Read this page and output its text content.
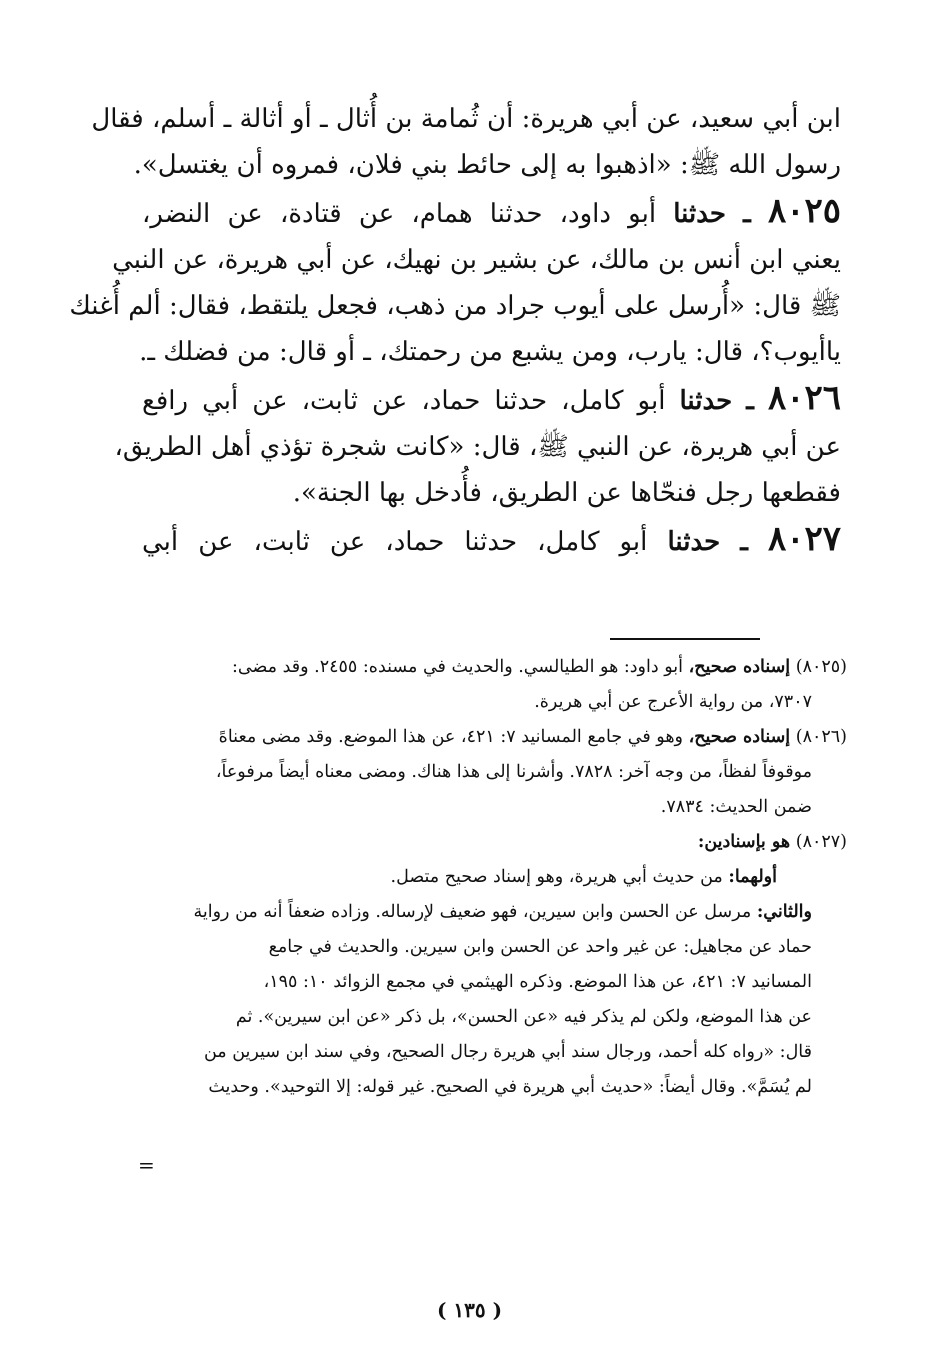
ابن أبي سعيد، عن أبي هريرة: أن ثُمامة بن أُثال ـ أو أثالة ـ أسلم، فقال
رسول الله ﷺ: «اذهبوا به إلى حائط بني فلان، فمروه أن يغتسل».
٨٠٢٥ ـ حدثنا أبو داود، حدثنا همام، عن قتادة، عن النضر،
يعني ابن أنس بن مالك، عن بشير بن نهيك، عن أبي هريرة، عن النبي
ﷺ قال: «أُرسل على أيوب جراد من ذهب، فجعل يلتقط، فقال: ألم أُغنك
ياأيوب؟، قال: يارب، ومن يشبع من رحمتك، ـ أو قال: من فضلك ـ.
٨٠٢٦ ـ حدثنا أبو كامل، حدثنا حماد، عن ثابت، عن أبي رافع
عن أبي هريرة، عن النبي ﷺ، قال: «كانت شجرة تؤذي أهل الطريق،
فقطعها رجل فنحّاها عن الطريق، فأُدخل بها الجنة».
٨٠٢٧ ـ حدثنا أبو كامل، حدثنا حماد، عن ثابت، عن أبي
(٨٠٢٥) إسناده صحيح، أبو داود: هو الطيالسي. والحديث في مسنده: ٢٤٥٥. وقد مضى:
٧٣٠٧، من رواية الأعرج عن أبي هريرة.
(٨٠٢٦) إسناده صحيح، وهو في جامع المسانيد ٧: ٤٢١، عن هذا الموضع. وقد مضى معناهً
موقوفاً لفظاً، من وجه آخر: ٧٨٢٨. وأشرنا إلى هذا هناك. ومضى معناه أيضاً مرفوعاً،
ضمن الحديث: ٧٨٣٤.
(٨٠٢٧) هو بإسنادين:
أولهما: من حديث أبي هريرة، وهو إسناد صحيح متصل.
والثاني: مرسل عن الحسن وابن سيرين، فهو ضعيف لإرساله. وزاده ضعفاً أنه من رواية
حماد عن مجاهيل: عن غير واحد عن الحسن وابن سيرين. والحديث في جامع
المسانيد ٧: ٤٢١، عن هذا الموضع. وذكره الهيثمي في مجمع الزوائد ١٠: ١٩٥،
عن هذا الموضع، ولكن لم يذكر فيه «عن الحسن»، بل ذكر «عن ابن سيرين». ثم
قال: «رواه كله أحمد، ورجال سند أبي هريرة رجال الصحيح، وفي سند ابن سيرين من
لم يُسَمَّ». وقال أيضاً: «حديث أبي هريرة في الصحيح. غير قوله: إلا التوحيد». وحديث
=
( ١٣٥ )
